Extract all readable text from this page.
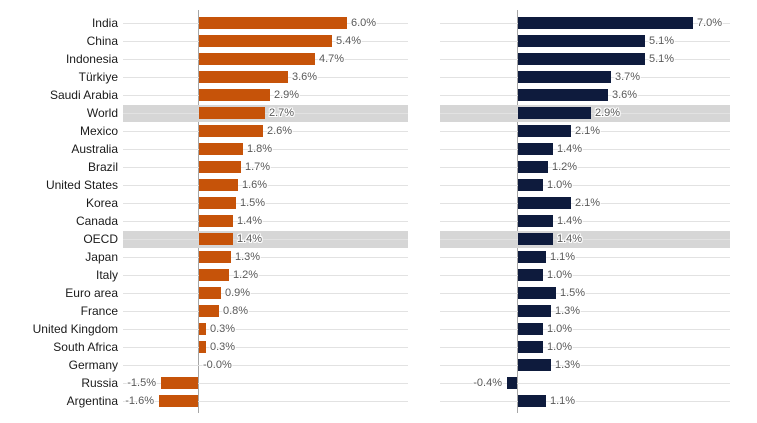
India	6.0%	7.0%
China	5.4%	5.1%
Indonesia	4.7%	5.1%
Türkiye	3.6%	3.7%
Saudi Arabia	2.9%	3.6%
World	2.7%	2.9%
Mexico	2.6%	2.1%
Australia	1.8%	1.4%
Brazil	1.7%	1.2%
United States	1.6%	1.0%
Korea	1.5%	2.1%
Canada	1.4%	1.4%
OECD	1.4%	1.4%
Japan	1.3%	1.1%
Italy	1.2%	1.0%
Euro area	0.9%	1.5%
France	0.8%	1.3%
United Kingdom	0.3%	1.0%
South Africa	0.3%	1.0%
Germany	-0.0%	1.3%
Russia -1.5%	-0.4%
Argentina -1.6%	1.1%
